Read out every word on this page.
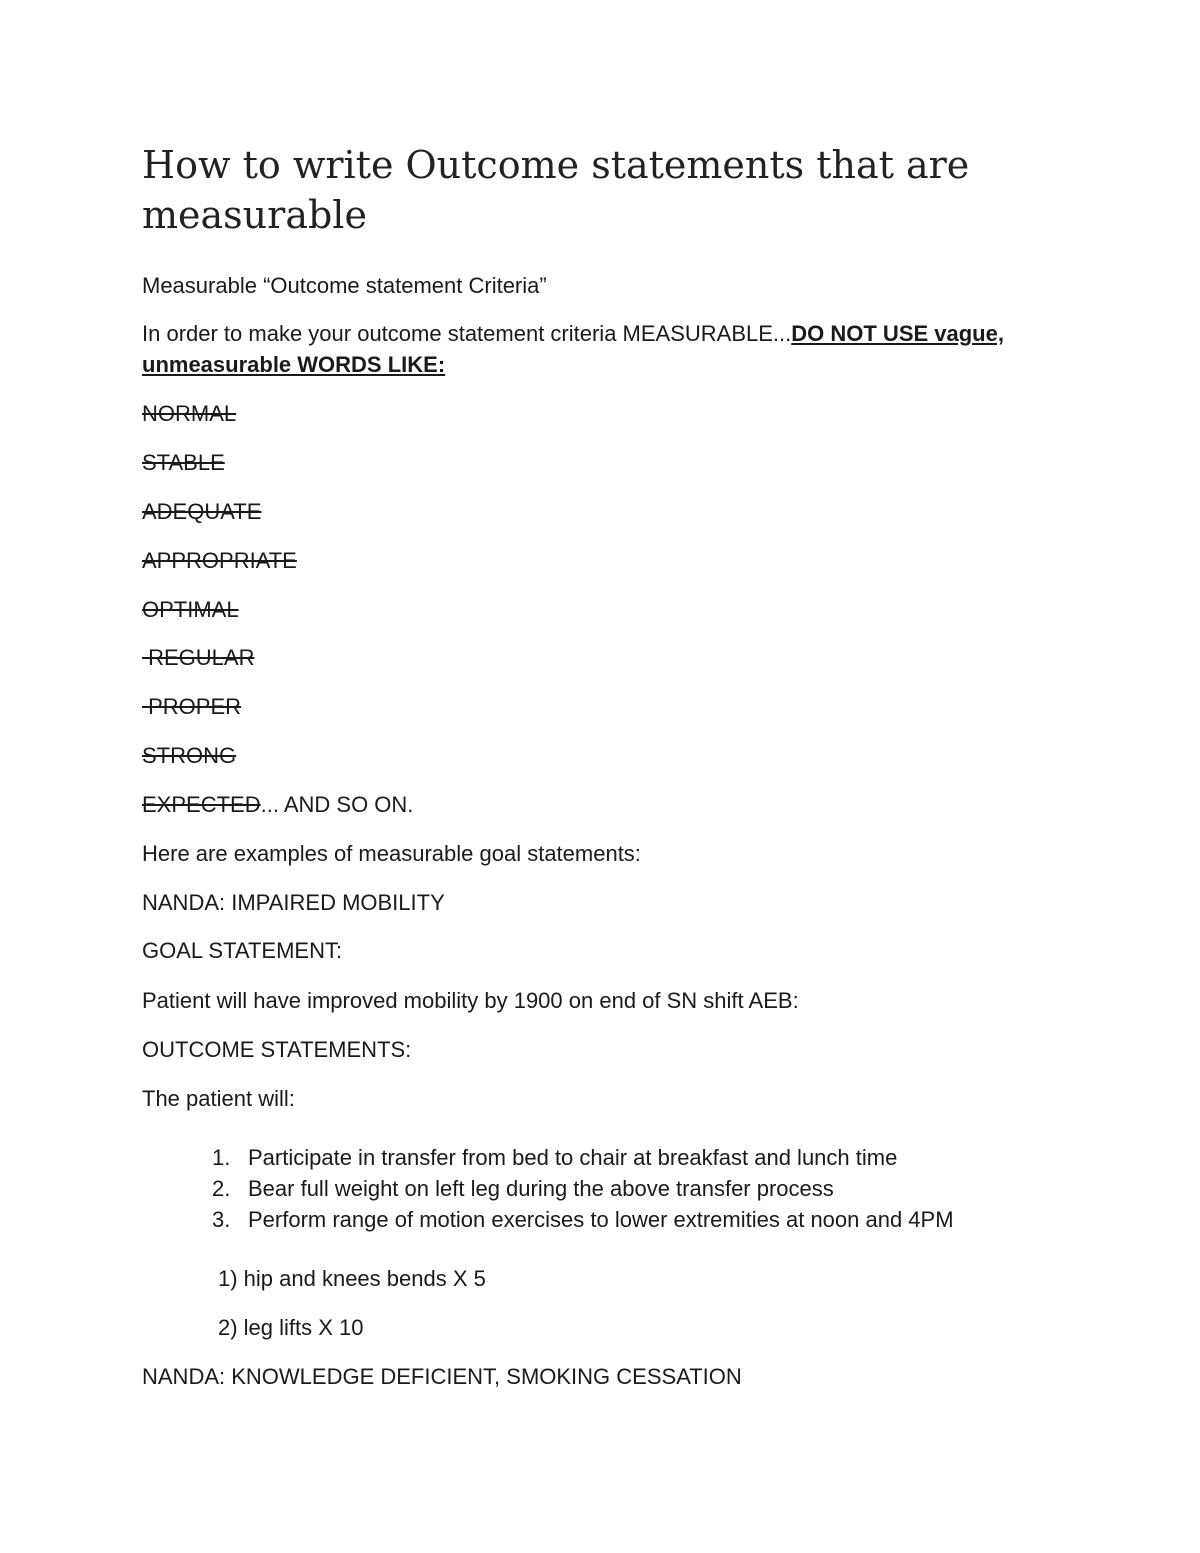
How to write Outcome statements that are measurable

Measurable “Outcome statement Criteria”

In order to make your outcome statement criteria MEASURABLE...DO NOT USE vague,

unmeasurable WORDS LIKE:

NORMAL

STABLE

ADEQUATE

APPROPRIATE

OPTIMAL

REGULAR

PROPER

STRONG

EXPECTED... AND SO ON.

Here are examples of measurable goal statements:

NANDA: IMPAIRED MOBILITY

GOAL STATEMENT:

Patient will have improved mobility by 1900 on end of SN shift AEB:

OUTCOME STATEMENTS:

The patient will:

1. Participate in transfer from bed to chair at breakfast and lunch time

2. Bear full weight on left leg during the above transfer process

3. Perform range of motion exercises to lower extremities at noon and 4PM

1) hip and knees bends X 5

2) leg lifts X 10

NANDA: KNOWLEDGE DEFICIENT, SMOKING CESSATION
